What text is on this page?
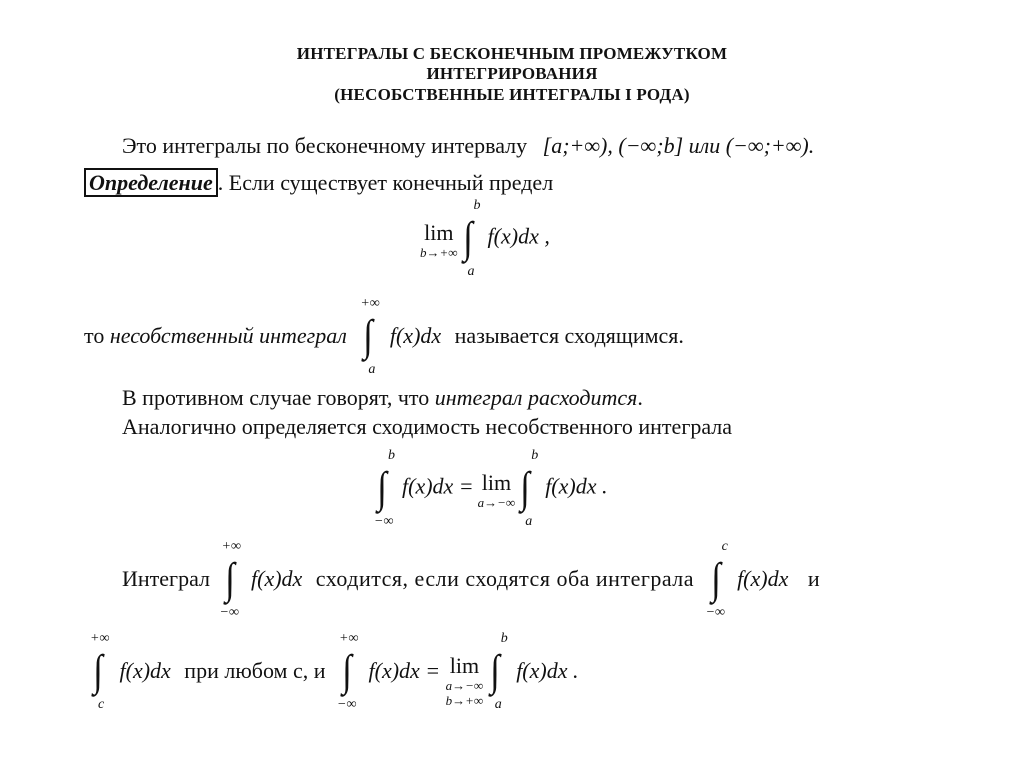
ИНТЕГРАЛЫ С БЕСКОНЕЧНЫМ ПРОМЕЖУТКОМ
ИНТЕГРИРОВАНИЯ
(НЕСОБСТВЕННЫЕ ИНТЕГРАЛЫ I РОДА)
Это интегралы по бесконечному интервалу [a;+∞), (−∞;b] или (−∞;+∞).
Определение . Если существует конечный предел
lim
b→+∞
∫
b
a
f(x)dx ,
то несобственный интеграл ∫
+∞
a
f(x)dx называется сходящимся.
В противном случае говорят, что интеграл расходится.
Аналогично определяется сходимость несобственного интеграла
∫
b
−∞
f(x)dx = lim
a→−∞
∫
b
a
f(x)dx .
Интеграл ∫
+∞
−∞
f(x)dx сходится, если сходятся оба интеграла ∫
c
−∞
f(x)dx и
∫
+∞
c
f(x)dx при любом c, и ∫
+∞
−∞
f(x)dx = lim
a→−∞
b→+∞

∫
b
a
f(x)dx .
